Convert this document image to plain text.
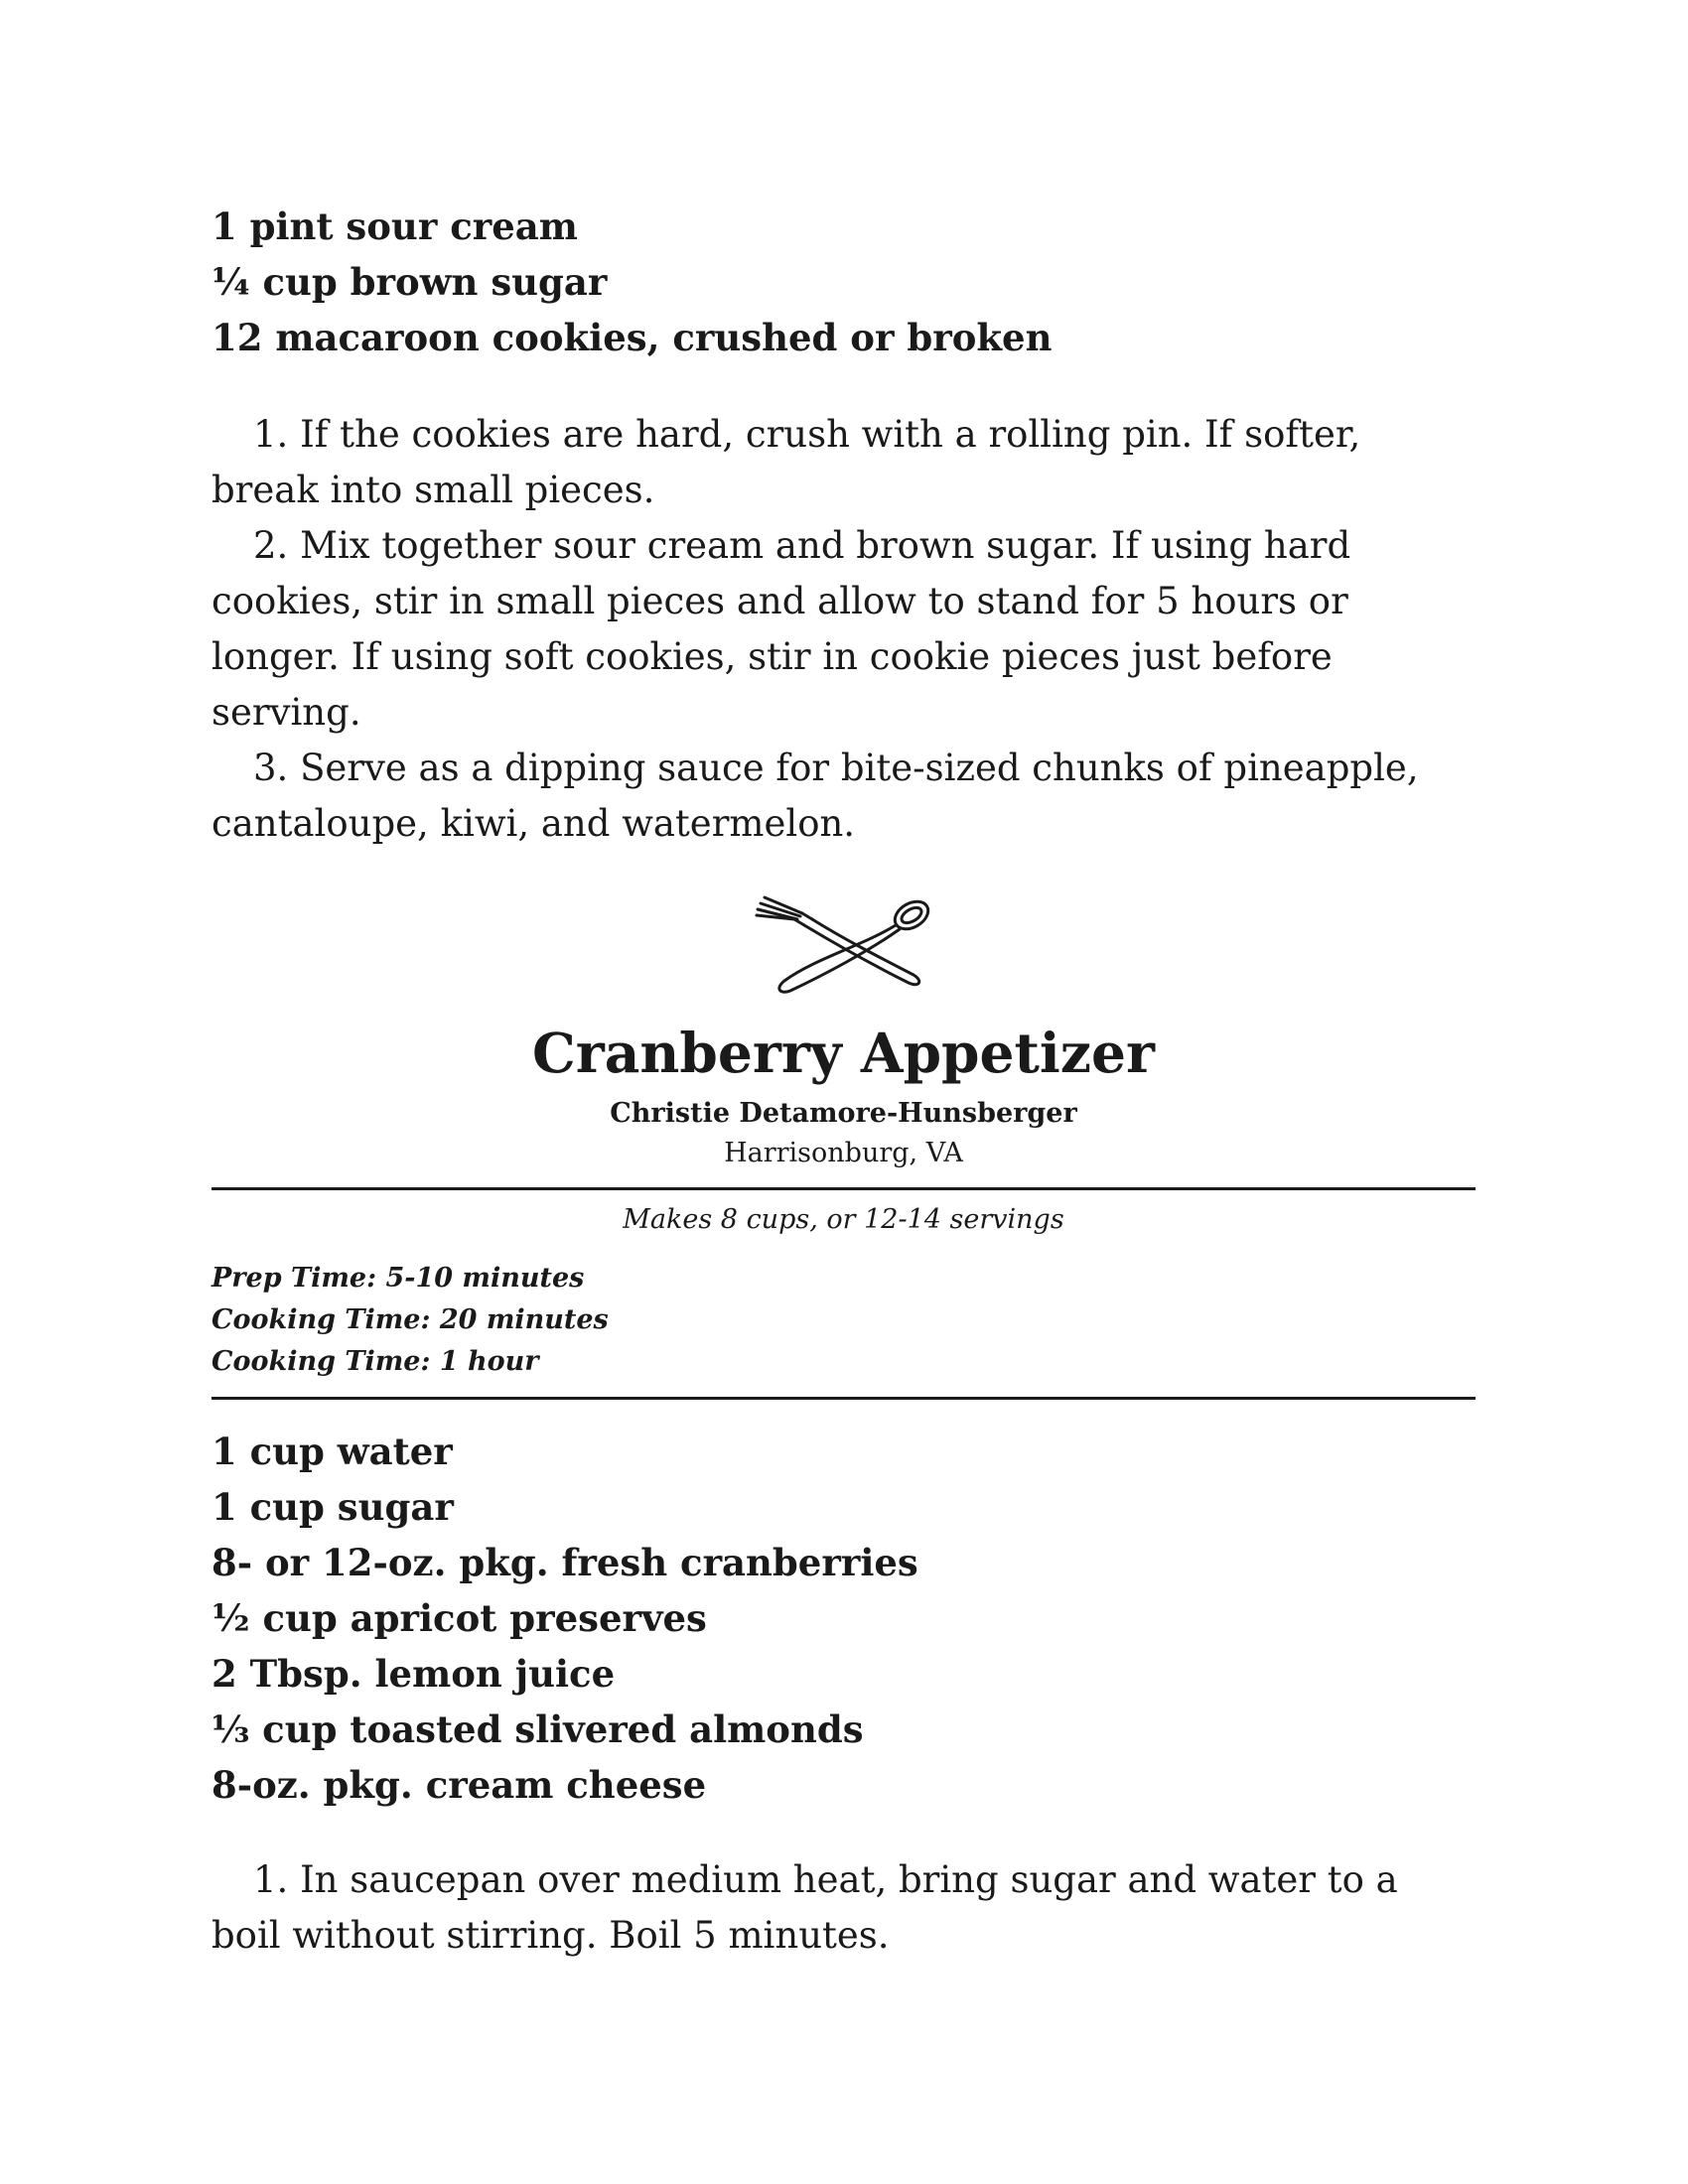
1 pint sour cream
¼ cup brown sugar
12 macaroon cookies, crushed or broken
1. If the cookies are hard, crush with a rolling pin. If softer, break into small pieces.
2. Mix together sour cream and brown sugar. If using hard cookies, stir in small pieces and allow to stand for 5 hours or longer. If using soft cookies, stir in cookie pieces just before serving.
3. Serve as a dipping sauce for bite-sized chunks of pineapple, cantaloupe, kiwi, and watermelon.
Cranberry Appetizer
Christie Detamore-Hunsberger
Harrisonburg, VA
Makes 8 cups, or 12-14 servings
Prep Time: 5-10 minutes
Cooking Time: 20 minutes
Cooking Time: 1 hour
1 cup water
1 cup sugar
8- or 12-oz. pkg. fresh cranberries
½ cup apricot preserves
2 Tbsp. lemon juice
⅓ cup toasted slivered almonds
8-oz. pkg. cream cheese
1. In saucepan over medium heat, bring sugar and water to a boil without stirring. Boil 5 minutes.
